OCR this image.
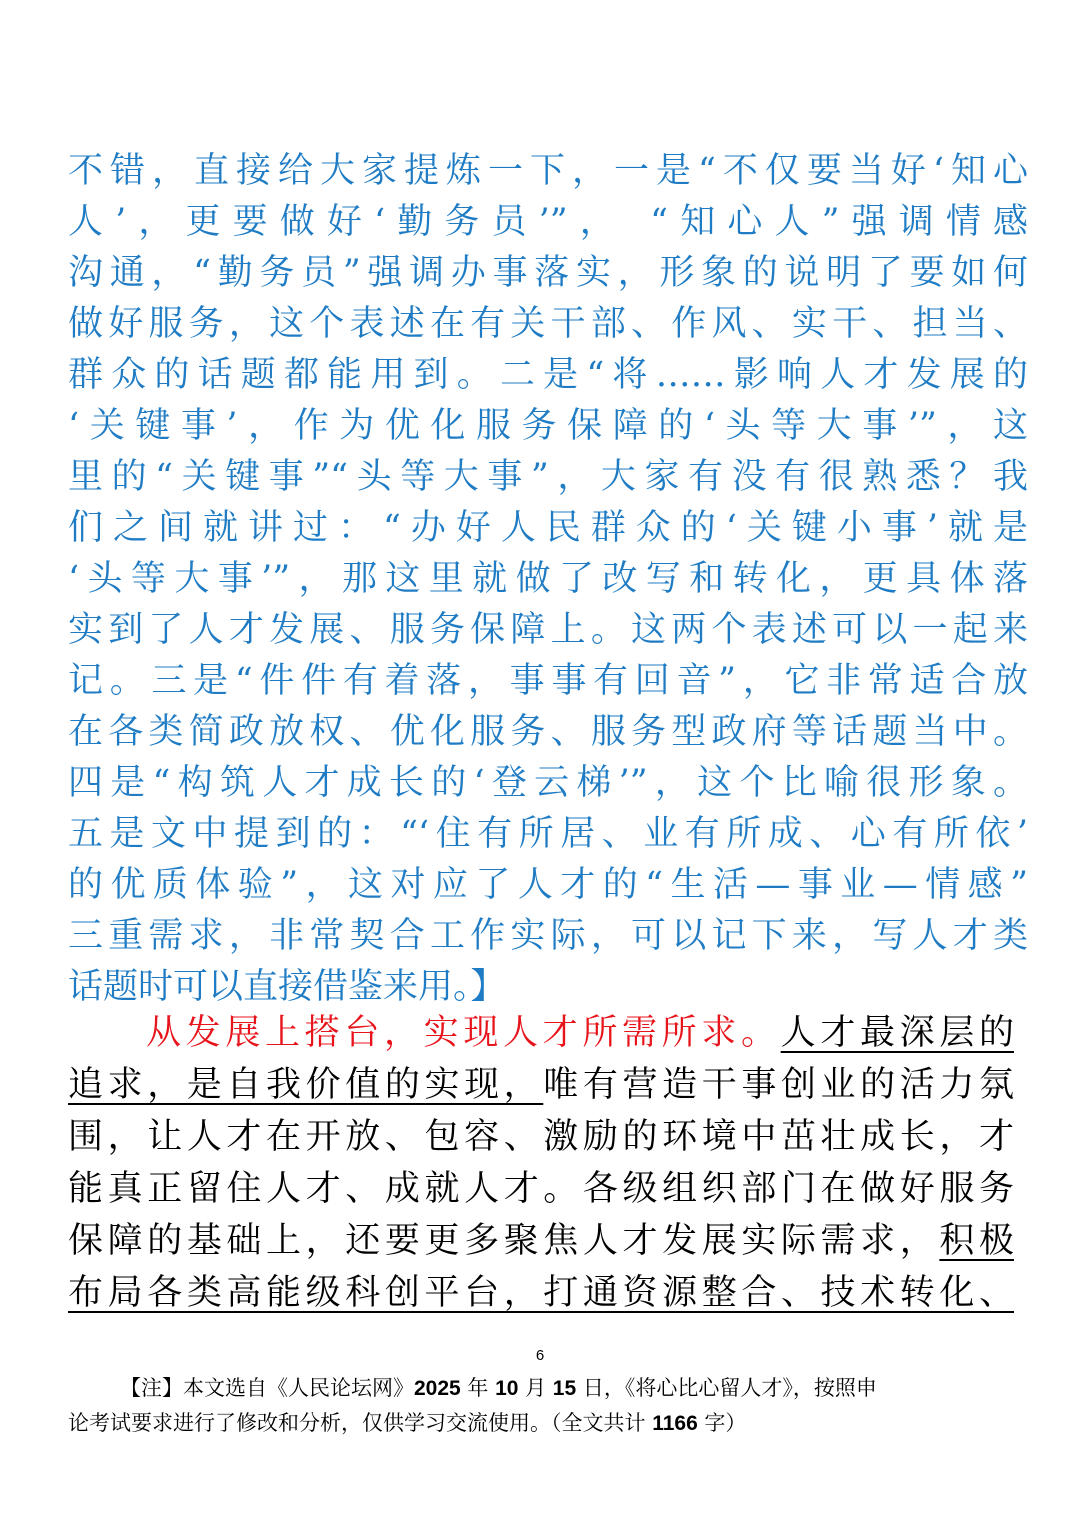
不错，直接给大家提炼一下，一是“不仅要当好‘知心
人’，更要做好‘勤务员’”， “知心人”强调情感
沟通，“勤务员”强调办事落实，形象的说明了要如何
做好服务，这个表述在有关干部、作风、实干、担当、
群众的话题都能用到。二是“将……影响人才发展的
‘关键事’，作为优化服务保障的‘头等大事’”，这
里的“关键事”“头等大事”，大家有没有很熟悉？我
们之间就讲过：“办好人民群众的‘关键小事’就是
‘头等大事’”，那这里就做了改写和转化，更具体落
实到了人才发展、服务保障上。这两个表述可以一起来
记。三是“件件有着落，事事有回音”，它非常适合放
在各类简政放权、优化服务、服务型政府等话题当中。
四是“构筑人才成长的‘登云梯’”，这个比喻很形象。
五是文中提到的：“‘住有所居、业有所成、心有所依’
的优质体验”，这对应了人才的“生活—事业—情感”
三重需求，非常契合工作实际，可以记下来，写人才类
话题时可以直接借鉴来用。】
从发展上搭台，实现人才所需所求。人才最深层的
追求，是自我价值的实现，唯有营造干事创业的活力氛
围，让人才在开放、包容、激励的环境中茁壮成长，才
能真正留住人才、成就人才。各级组织部门在做好服务
保障的基础上，还要更多聚焦人才发展实际需求，积极
布局各类高能级科创平台，打通资源整合、技术转化、
6
【注】本文选自《人民论坛网》2025 年 10 月 15 日，《将心比心留人才》，按照申
论考试要求进行了修改和分析，仅供学习交流使用。（全文共计 1166 字）
